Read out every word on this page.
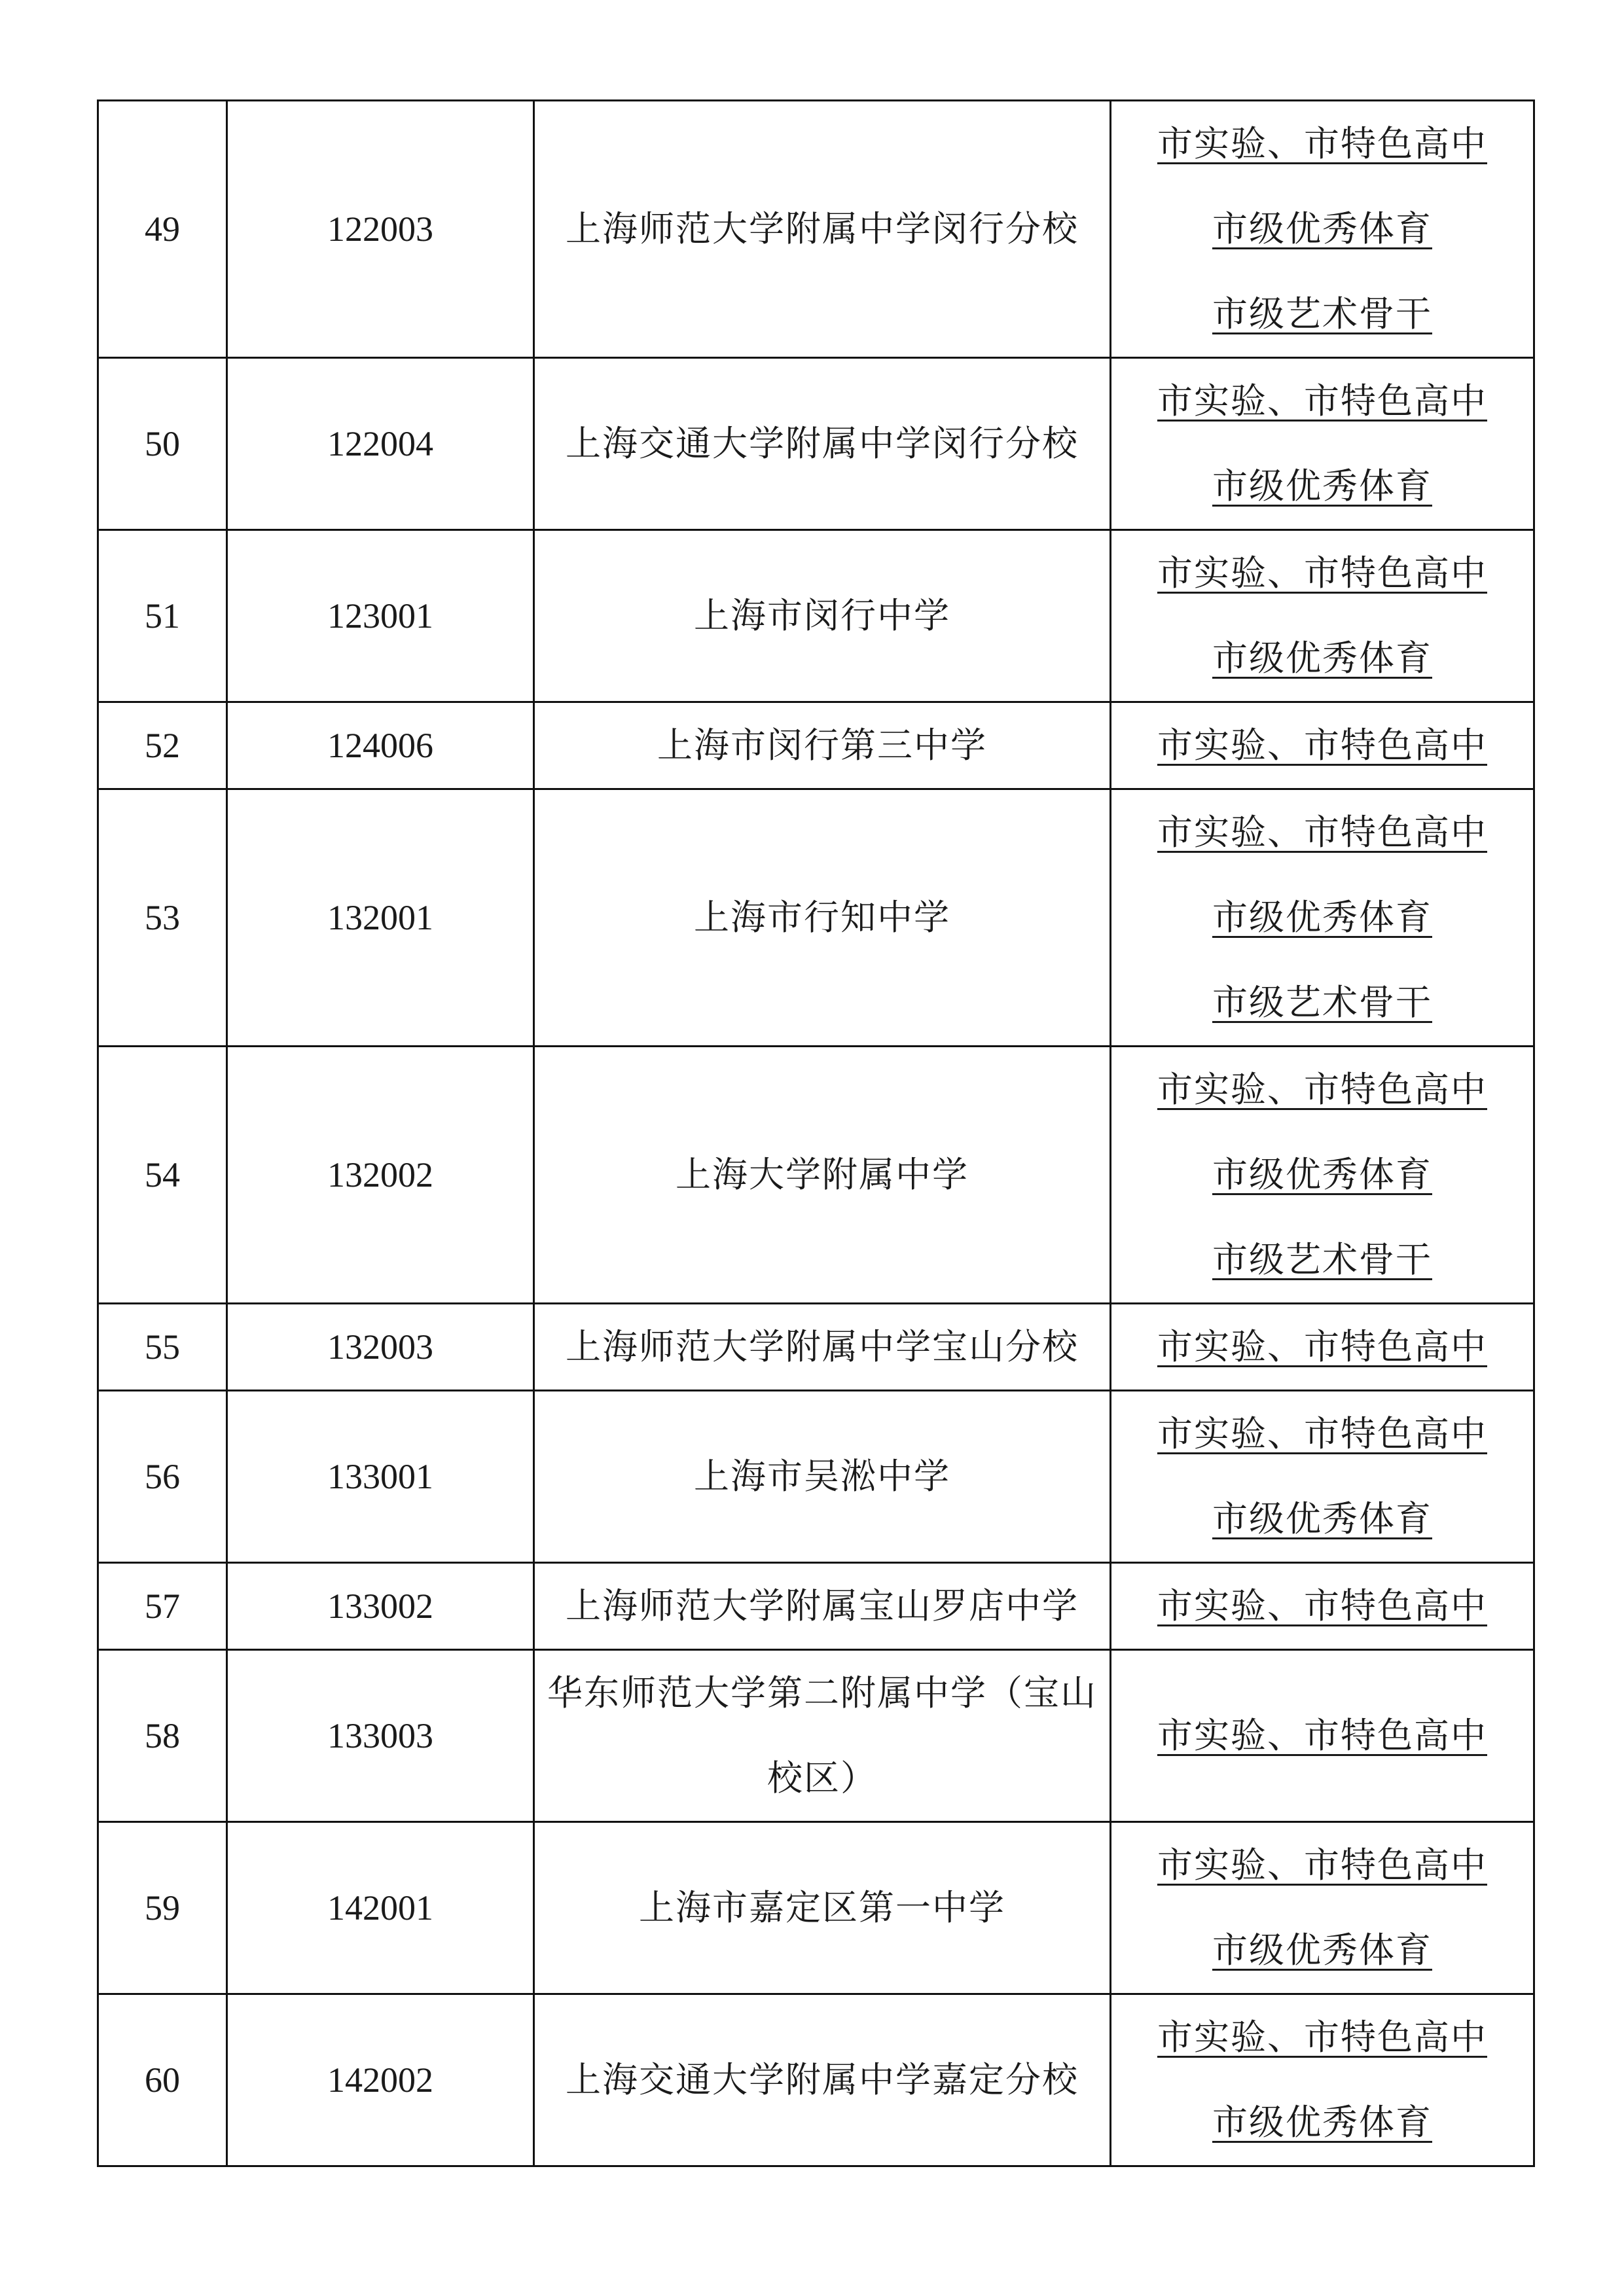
49	122003	上海师范大学附属中学闵行分校	市实验、市特色高中
市级优秀体育
市级艺术骨干

50	122004	上海交通大学附属中学闵行分校	市实验、市特色高中
市级优秀体育

51	123001	上海市闵行中学	市实验、市特色高中
市级优秀体育

52	124006	上海市闵行第三中学	市实验、市特色高中

53	132001	上海市行知中学	市实验、市特色高中
市级优秀体育
市级艺术骨干

54	132002	上海大学附属中学	市实验、市特色高中
市级优秀体育
市级艺术骨干

55	132003	上海师范大学附属中学宝山分校	市实验、市特色高中

56	133001	上海市吴淞中学	市实验、市特色高中
市级优秀体育

57	133002	上海师范大学附属宝山罗店中学	市实验、市特色高中

58	133003	华东师范大学第二附属中学（宝山校区）	市实验、市特色高中

59	142001	上海市嘉定区第一中学	市实验、市特色高中
市级优秀体育

60	142002	上海交通大学附属中学嘉定分校	市实验、市特色高中
市级优秀体育
